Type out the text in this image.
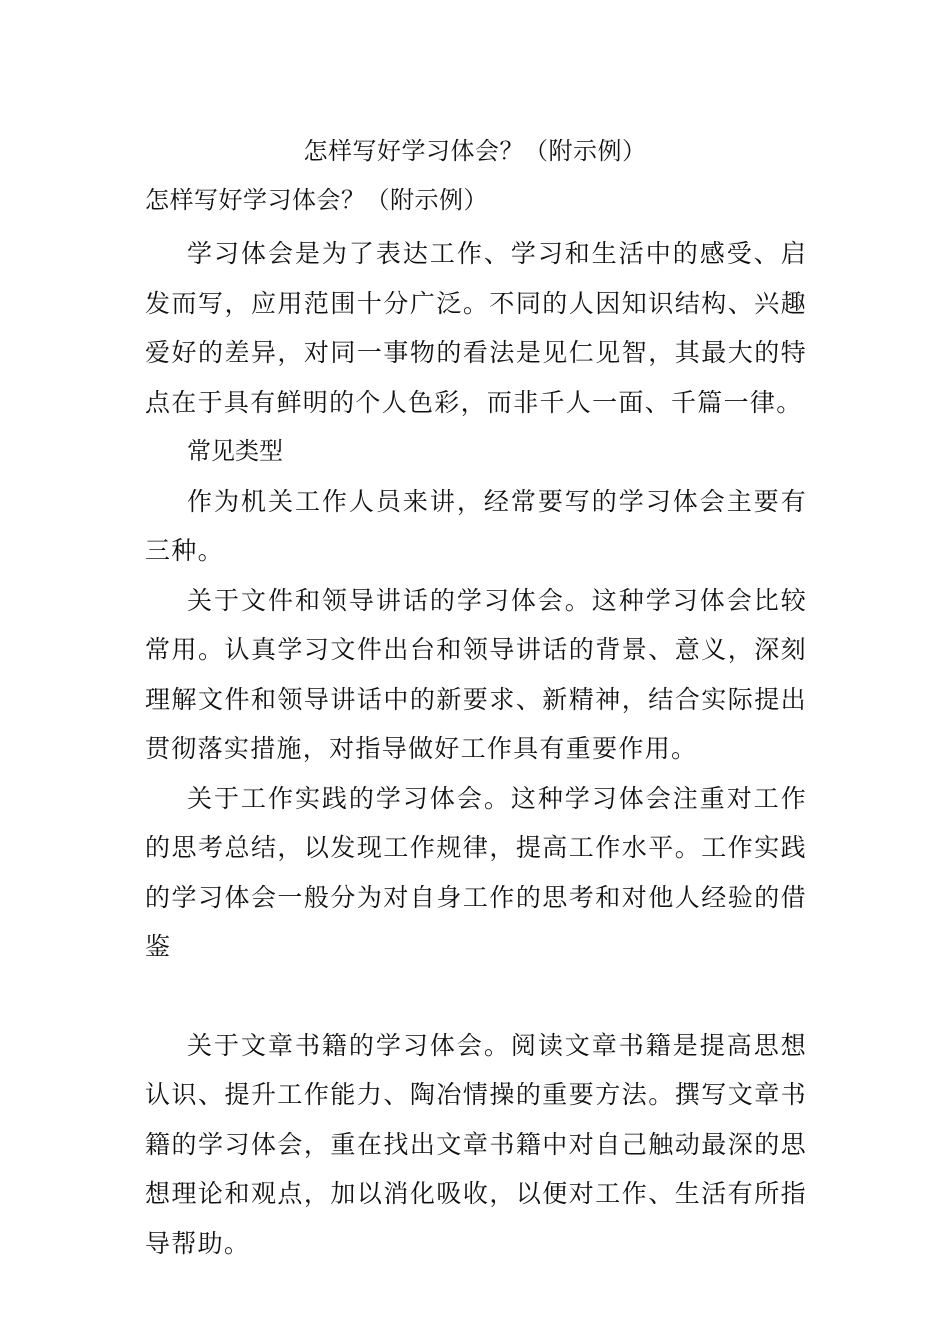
怎样写好学习体会？（附示例）

怎样写好学习体会？（附示例）

学习体会是为了表达工作、学习和生活中的感受、启发而写，应用范围十分广泛。不同的人因知识结构、兴趣爱好的差异，对同一事物的看法是见仁见智，其最大的特点在于具有鲜明的个人色彩，而非千人一面、千篇一律。

常见类型

作为机关工作人员来讲，经常要写的学习体会主要有三种。

关于文件和领导讲话的学习体会。这种学习体会比较常用。认真学习文件出台和领导讲话的背景、意义，深刻理解文件和领导讲话中的新要求、新精神，结合实际提出贯彻落实措施，对指导做好工作具有重要作用。

关于工作实践的学习体会。这种学习体会注重对工作的思考总结，以发现工作规律，提高工作水平。工作实践的学习体会一般分为对自身工作的思考和对他人经验的借鉴

关于文章书籍的学习体会。阅读文章书籍是提高思想认识、提升工作能力、陶冶情操的重要方法。撰写文章书籍的学习体会，重在找出文章书籍中对自己触动最深的思想理论和观点，加以消化吸收，以便对工作、生活有所指导帮助。
